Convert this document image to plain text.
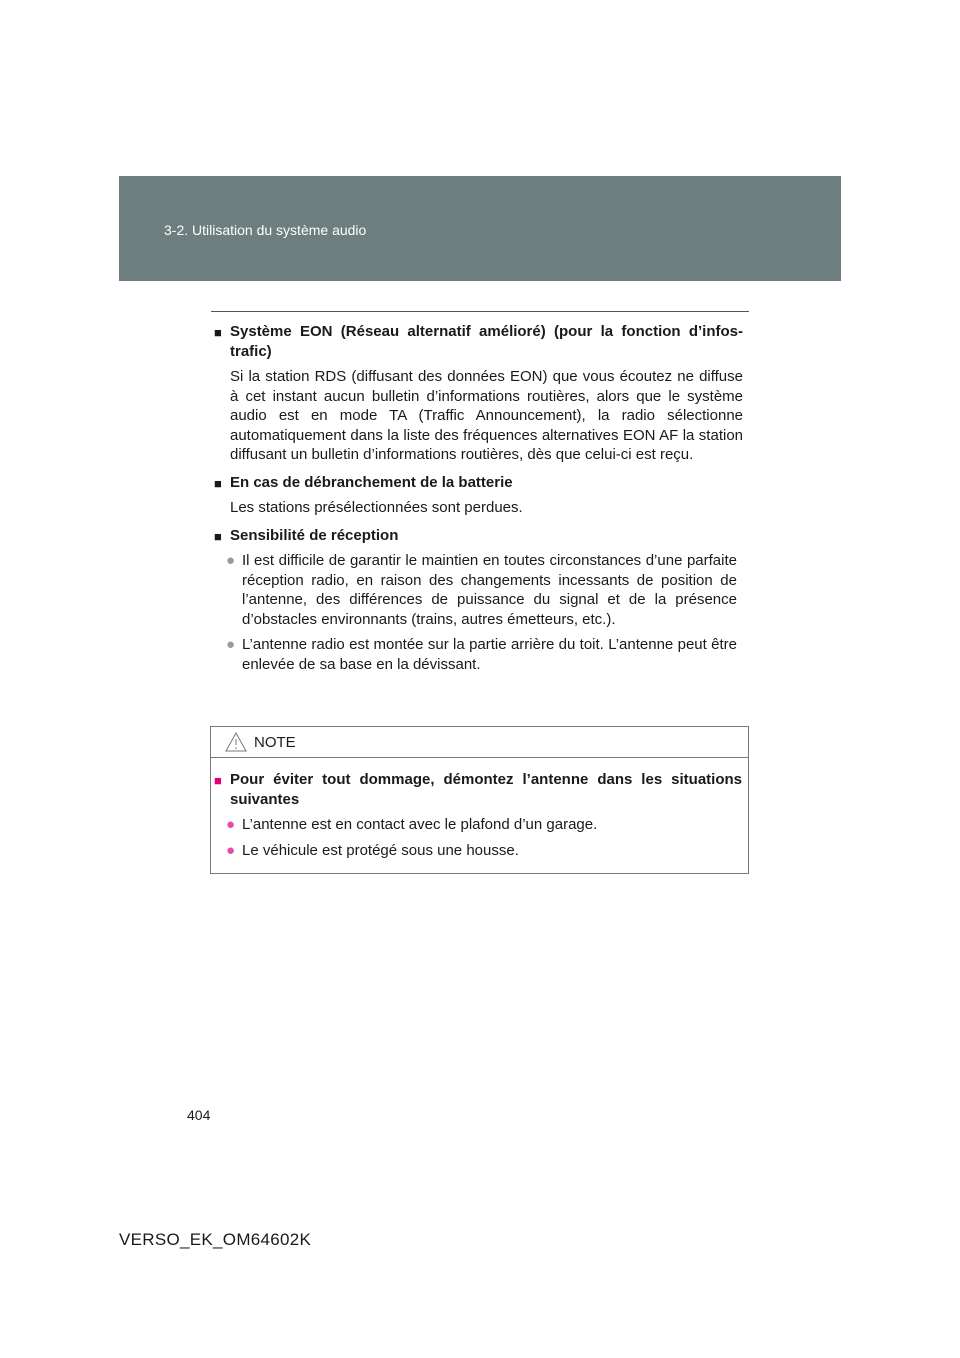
3-2. Utilisation du système audio

■ Système EON (Réseau alternatif amélioré) (pour la fonction d’infos-trafic)

Si la station RDS (diffusant des données EON) que vous écoutez ne diffuse à cet instant aucun bulletin d’informations routières, alors que le système audio est en mode TA (Traffic Announcement), la radio sélectionne automatiquement dans la liste des fréquences alternatives EON AF la station diffusant un bulletin d’informations routières, dès que celui-ci est reçu.

■ En cas de débranchement de la batterie

Les stations présélectionnées sont perdues.

■ Sensibilité de réception

● Il est difficile de garantir le maintien en toutes circonstances d’une parfaite réception radio, en raison des changements incessants de position de l’antenne, des différences de puissance du signal et de la présence d’obstacles environnants (trains, autres émetteurs, etc.).

● L’antenne radio est montée sur la partie arrière du toit. L’antenne peut être enlevée de sa base en la dévissant.

NOTE

■ Pour éviter tout dommage, démontez l’antenne dans les situations suivantes

● L’antenne est en contact avec le plafond d’un garage.

● Le véhicule est protégé sous une housse.

404
VERSO_EK_OM64602K
